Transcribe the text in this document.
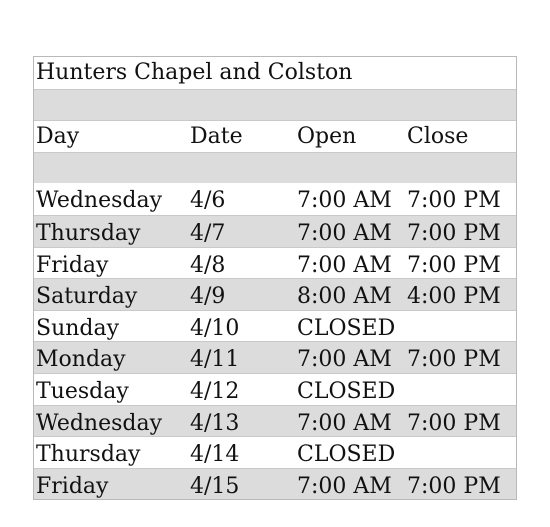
Hunters Chapel and Colston
Day	Date Open Close
Wednesday 4/6	7:00 AM 7:00 PM
Thursday 4/7	7:00 AM 7:00 PM
Friday	4/8	7:00 AM 7:00 PM
Saturday 4/9	8:00 AM 4:00 PM
Sunday	4/10	CLOSED
Monday	4/11	7:00 AM 7:00 PM
Tuesday	4/12	CLOSED
Wednesday 4/13	7:00 AM 7:00 PM
Thursday 4/14	CLOSED
Friday	4/15	7:00 AM 7:00 PM
